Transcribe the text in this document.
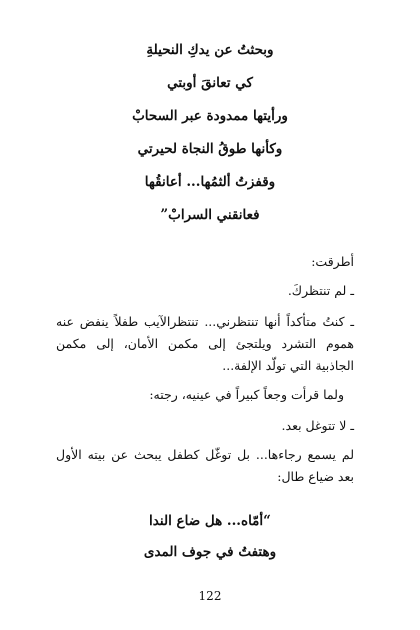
وبحثتُ عن يدكِ النحيلةِ
كي تعانقَ أوبتي
ورأيتها ممدودة عبر السحابْ
وكأنها طوقُ النجاة لحيرتي
وقفزتُ ألثمُها... أعانقُها
فعانقني السرابْ”
أطرقت:
ـ لم تنتظركَ.
ـ كنتُ متأكداً أنها تنتظرني... تنتظرالآيب طفلاً ينفض عنه هموم التشرد ويلتجئ إلى مكمن الأمان، إلى مكمن الجاذبية التي تولّد الإلفة...
ولما قرأت وجعاً كبيراً في عينيه، رجته:
ـ لا تتوغل بعد.
لم يسمع رجاءها... بل توغّل كطفل يبحث عن بيته الأول بعد ضياع طال:
“أمّاه... هل ضاع الندا
وهتفتُ في جوف المدى
122
